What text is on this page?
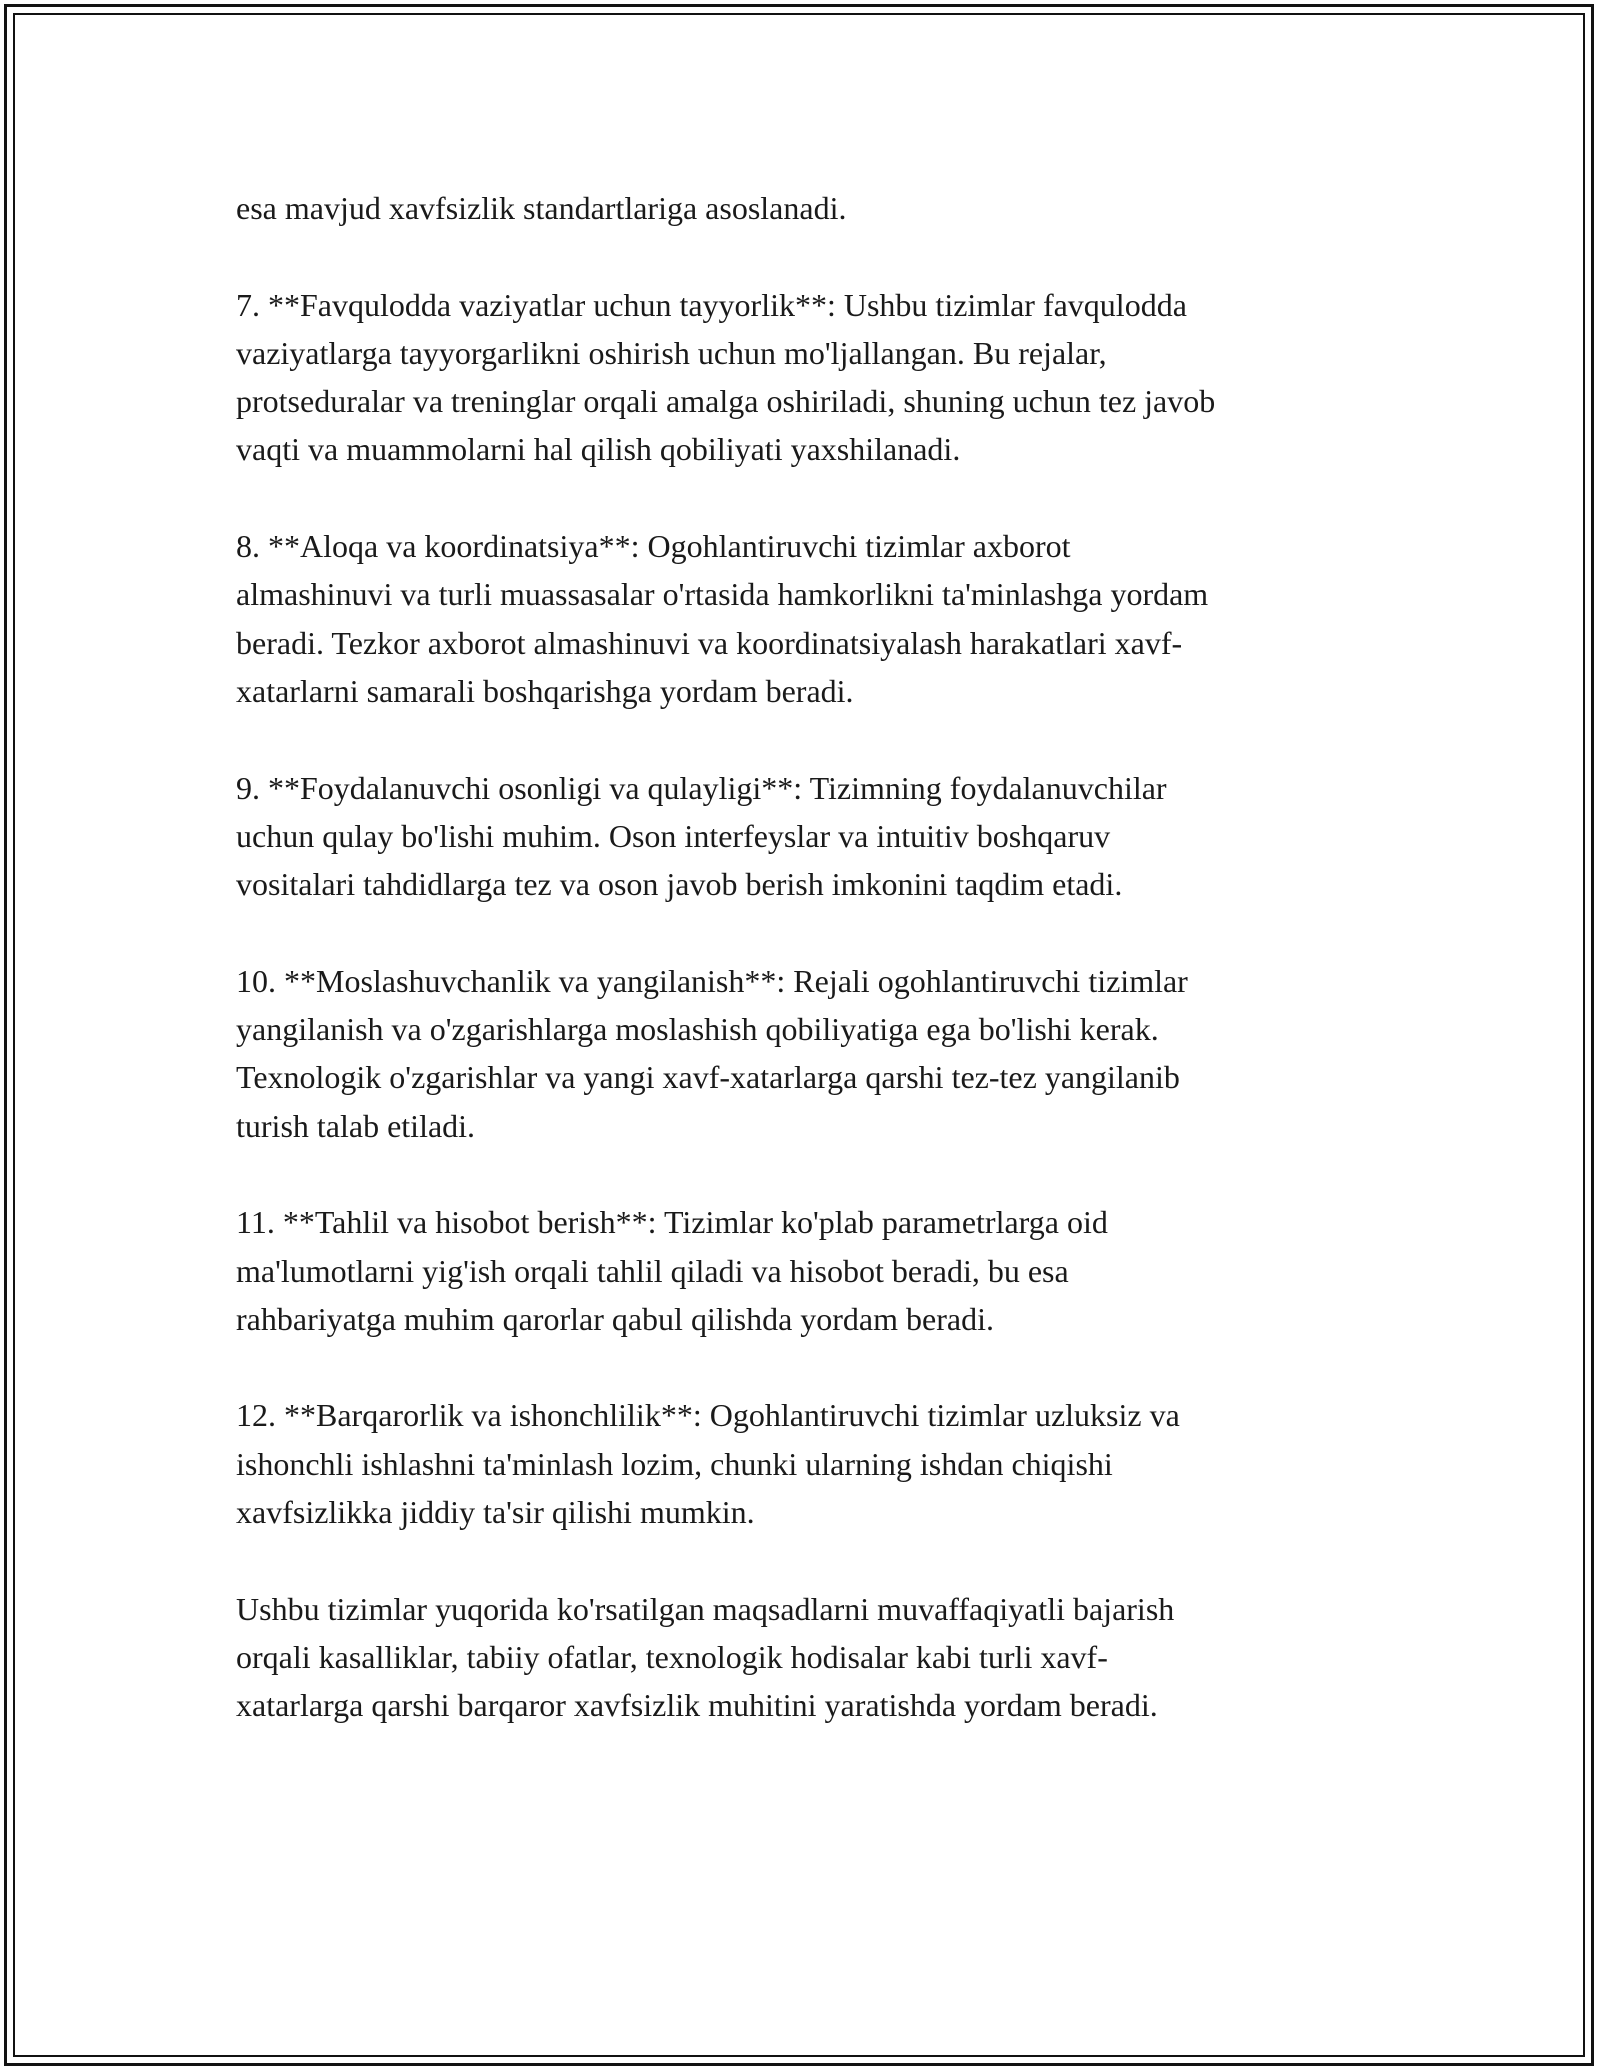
esa mavjud xavfsizlik standartlariga asoslanadi.

7. **Favqulodda vaziyatlar uchun tayyorlik**: Ushbu tizimlar favqulodda
vaziyatlarga tayyorgarlikni oshirish uchun mo'ljallangan. Bu rejalar,
protseduralar va treninglar orqali amalga oshiriladi, shuning uchun tez javob
vaqti va muammolarni hal qilish qobiliyati yaxshilanadi.

8. **Aloqa va koordinatsiya**: Ogohlantiruvchi tizimlar axborot
almashinuvi va turli muassasalar o'rtasida hamkorlikni ta'minlashga yordam
beradi. Tezkor axborot almashinuvi va koordinatsiyalash harakatlari xavf-
xatarlarni samarali boshqarishga yordam beradi.

9. **Foydalanuvchi osonligi va qulayligi**: Tizimning foydalanuvchilar
uchun qulay bo'lishi muhim. Oson interfeyslar va intuitiv boshqaruv
vositalari tahdidlarga tez va oson javob berish imkonini taqdim etadi.

10. **Moslashuvchanlik va yangilanish**: Rejali ogohlantiruvchi tizimlar
yangilanish va o'zgarishlarga moslashish qobiliyatiga ega bo'lishi kerak.
Texnologik o'zgarishlar va yangi xavf-xatarlarga qarshi tez-tez yangilanib
turish talab etiladi.

11. **Tahlil va hisobot berish**: Tizimlar ko'plab parametrlarga oid
ma'lumotlarni yig'ish orqali tahlil qiladi va hisobot beradi, bu esa
rahbariyatga muhim qarorlar qabul qilishda yordam beradi.

12. **Barqarorlik va ishonchlilik**: Ogohlantiruvchi tizimlar uzluksiz va
ishonchli ishlashni ta'minlash lozim, chunki ularning ishdan chiqishi
xavfsizlikka jiddiy ta'sir qilishi mumkin.

Ushbu tizimlar yuqorida ko'rsatilgan maqsadlarni muvaffaqiyatli bajarish
orqali kasalliklar, tabiiy ofatlar, texnologik hodisalar kabi turli xavf-
xatarlarga qarshi barqaror xavfsizlik muhitini yaratishda yordam beradi.
